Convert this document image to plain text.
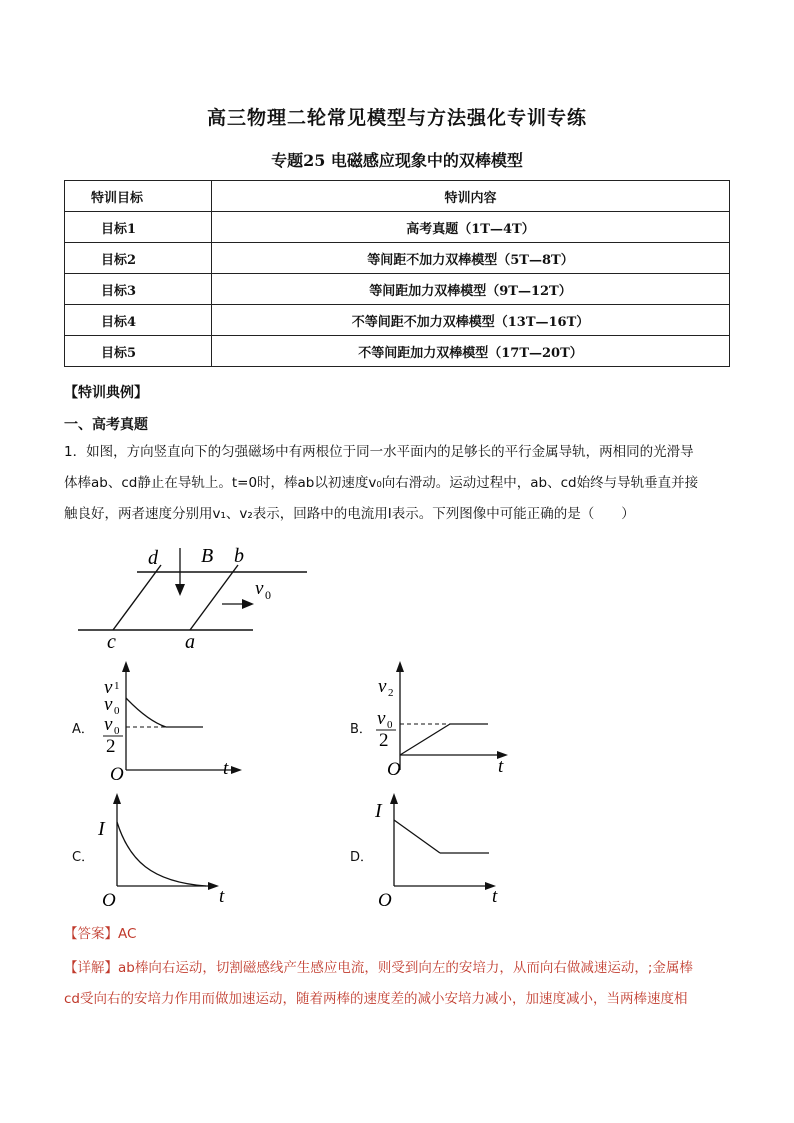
高三物理二轮常见模型与方法强化专训专练
专题25 电磁感应现象中的双棒模型
特训目标	特训内容
目标1	高考真题（1T—4T）
目标2	等间距不加力双棒模型（5T—8T）
目标3	等间距加力双棒模型（9T—12T）
目标4	不等间距不加力双棒模型（13T—16T）
目标5	不等间距加力双棒模型（17T—20T）
【特训典例】
一、高考真题
1．如图，方向竖直向下的匀强磁场中有两根位于同一水平面内的足够长的平行金属导轨，两相同的光滑导
体棒ab、cd静止在导轨上。t=0时，棒ab以初速度v₀向右滑动。运动过程中，ab、cd始终与导轨垂直并接
触良好，两者速度分别用v₁、v₂表示，回路中的电流用I表示。下列图像中可能正确的是（　　）
d B b
v 0
c	a
A．
v 1
v 0
v 0
2
O	t
B．
v 2
v 0
2
O	t
C．
I
O	t
D．
I
O	t
【答案】AC
【详解】ab棒向右运动，切割磁感线产生感应电流，则受到向左的安培力，从而向右做减速运动，;金属棒
cd受向右的安培力作用而做加速运动，随着两棒的速度差的减小安培力减小，加速度减小，当两棒速度相
